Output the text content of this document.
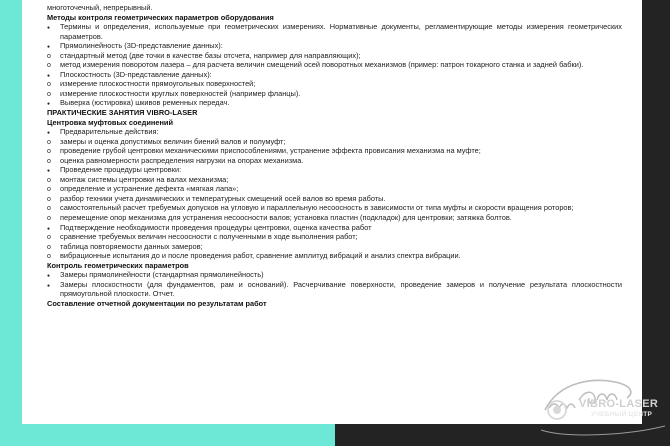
многоточечный, непрерывный.
Методы контроля геометрических параметров оборудования
●
Термины и определения, используемые при геометрических измерениях. Нормативные документы, регламентирующие методы измерения геометрических параметров.
●
Прямолинейность (3D-представление данных):
o
стандартный метод (две точки в качестве базы отсчета, например для направляющих);
o
метод измерения поворотом лазера – для расчета величин смещений осей поворотных механизмов (пример: патрон токарного станка и задней бабки).
●
Плоскостность (3D-представление данных):
o
измерение плоскостности прямоугольных поверхностей;
o
измерение плоскостности круглых поверхностей (например фланцы).
●
Выверка (юстировка) шкивов ременных передач.
ПРАКТИЧЕСКИЕ ЗАНЯТИЯ VIBRO-LASER
Центровка муфтовых соединений
●
Предварительные действия:
o
замеры и оценка допустимых величин биений валов и полумуфт;
o
проведение грубой центровки механическими приспособлениями, устранение эффекта провисания механизма на муфте;
o
оценка равномерности распределения нагрузки на опорах механизма.
●
Проведение процедуры центровки:
o
монтаж системы центровки на валах механизма;
o
определение и устранение дефекта «мягкая лапа»;
o
разбор техники учета динамических и температурных смещений осей валов во время работы.
o
самостоятельный расчет требуемых допусков на угловую и параллельную несоосность в зависимости от типа муфты и скорости вращения роторов;
o
перемещение опор механизма для устранения несоосности валов; установка пластин (подкладок) для центровки; затяжка болтов.
●
Подтверждение необходимости проведения процедуры центровки, оценка качества работ
o
сравнение требуемых величин несоосности с полученными в ходе выполнения работ;
o
таблица повторяемости данных замеров;
o
вибрационные испытания до и после проведения работ, сравнение амплитуд вибраций и анализ спектра вибрации.
Контроль геометрических параметров
●
Замеры прямолинейности (стандартная прямолинейность)
●
Замеры плоскостности (для фундаментов, рам и оснований). Расчерчивание поверхности, проведение замеров и получение результата плоскостности прямоугольной плоскости. Отчет.
Составление отчетной документации по результатам работ
VIBRO-LASER
УЧЕБНЫЙ ЦЕНТР
